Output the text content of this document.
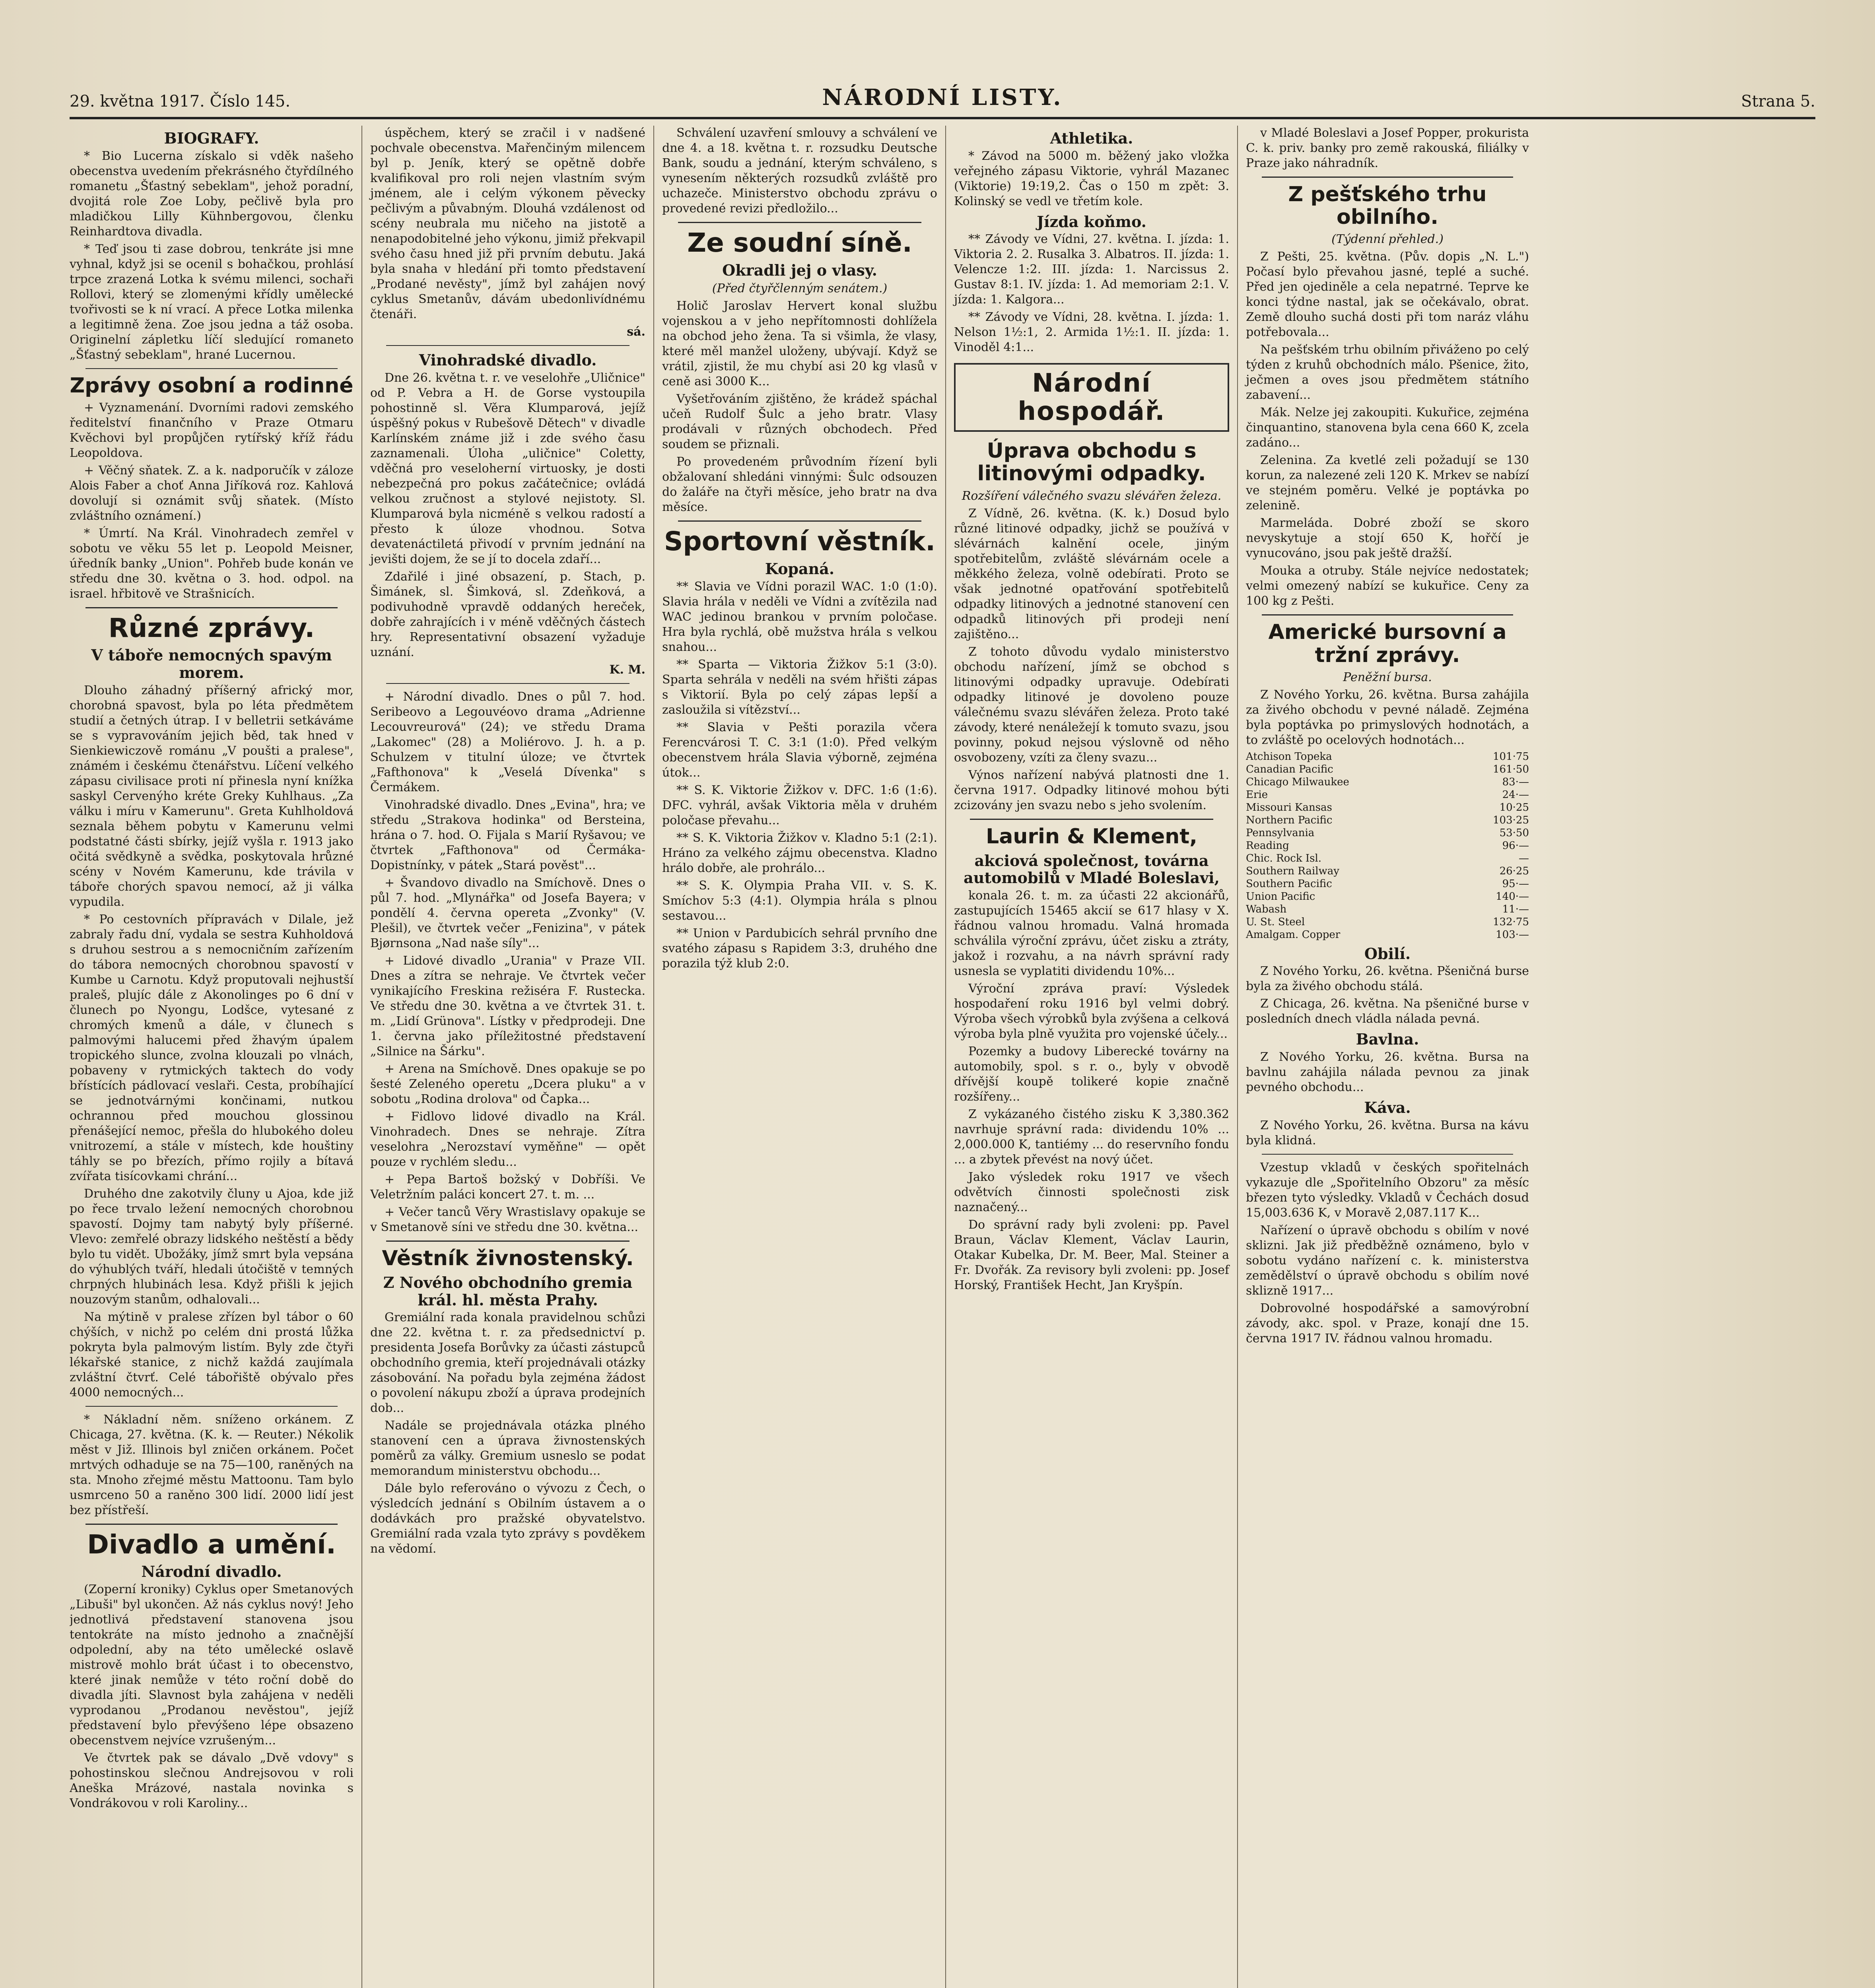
29. května 1917. Číslo 145.	NÁRODNÍ LISTY.	Strana 5.
BIOGRAFY.

* Bio Lucerna získalo si vděk našeho obecenstva uvedením překrásného čtyřdílného romanetu „Šťastný sebeklam", jehož poradní, dvojitá role Zoe Loby, pečlivě byla pro mladičkou Lilly Kühnbergovou, členku Reinhardtova divadla.

* Teď jsou ti zase dobrou, tenkráte jsi mne vyhnal, když jsi se ocenil s bohačkou, prohlásí trpce zrazená Lotka k svému milenci, sochaři Rollovi, který se zlomenými křídly umělecké tvořivosti se k ní vrací. A přece Lotka milenka a legitimně žena. Zoe jsou jedna a táž osoba. Originelní zápletku líčí sledující romaneto „Šťastný sebeklam", hrané Lucernou.

Zprávy osobní a rodinné

+ Vyznamenání. Dvorními radovi zemského ředitelství finančního v Praze Otmaru Kvěchovi byl propůjčen rytířský kříž řádu Leopoldova.

+ Věčný sňatek. Z. a k. nadporučík v záloze Alois Faber a choť Anna Jiříková roz. Kahlová dovolují si oznámit svůj sňatek. (Místo zvláštního oznámení.)

* Úmrtí. Na Král. Vinohradech zemřel v sobotu ve věku 55 let p. Leopold Meisner, úředník banky „Union". Pohřeb bude konán ve středu dne 30. května o 3. hod. odpol. na israel. hřbitově ve Strašnicích.

Různé zprávy.
V táboře nemocných spavým morem.

Dlouho záhadný příšerný africký mor, chorobná spavost, byla po léta předmětem studií a četných útrap. I v belletrii setkáváme se s vypravováním jejich běd, tak hned v Sienkiewiczově románu „V poušti a pralese", známém i českému čtenářstvu. Líčení velkého zápasu civilisace proti ní přinesla nyní knížka saskyl Cervenýho kréte Greky Kuhlhaus. „Za válku i míru v Kamerunu". Greta Kuhlholdová seznala během pobytu v Kamerunu velmi podstatné části sbírky, jejíž vyšla r. 1913 jako očitá svědkyně a svědka, poskytovala hrůzné scény v Novém Kamerunu, kde trávila v táboře chorých spavou nemocí, až ji válka vypudila.

* Po cestovních přípravách v Dilale, jež zabraly řadu dní, vydala se sestra Kuhholdová s druhou sestrou a s nemocničním zařízením do tábora nemocných chorobnou spavostí v Kumbe u Carnotu. Když proputovali nejhustší praleš, plujíc dále z Akonolinges po 6 dní v člunech po Nyongu, Lodšce, vytesané z chromých kmenů a dále, v člunech s palmovými halucemi před žhavým úpalem tropického slunce, zvolna klouzali po vlnách, pobaveny v rytmických taktech do vody břístících pádlovací veslaři. Cesta, probíhající se jednotvárnými končinami, nutkou ochrannou před mouchou glossinou přenášející nemoc, přešla do hlubokého doleu vnitrozemí, a stále v místech, kde houštiny táhly se po březích, přímo rojily a bítavá zvířata tisícovkami chrání...

Druhého dne zakotvily čluny u Ajoa, kde již po řece trvalo ležení nemocných chorobnou spavostí. Dojmy tam nabytý byly příšerné. Vlevo: zemřelé obrazy lidského neštěstí a bědy bylo tu vidět. Ubožáky, jímž smrt byla vepsána do výhublých tváří, hledali útočiště v temných chrpných hlubinách lesa. Když přišli k jejich nouzovým stanům, odhalovali...

Na mýtině v pralese zřízen byl tábor o 60 chýších, v nichž po celém dni prostá lůžka pokryta byla palmovým listím. Byly zde čtyři lékařské stanice, z nichž každá zaujímala zvláštní čtvrť. Celé tábořiště obývalo přes 4000 nemocných...

* Nákladní něm. sníženo orkánem. Z Chicaga, 27. května. (K. k. — Reuter.) Nékolik měst v Již. Illinois byl zničen orkánem. Počet mrtvých odhaduje se na 75—100, raněných na sta. Mnoho zřejmé městu Mattoonu. Tam bylo usmrceno 50 a raněno 300 lidí. 2000 lidí jest bez přístřeší.

Divadlo a umění.
Národní divadlo.

(Zoperní kroniky) Cyklus oper Smetanových „Libuši" byl ukončen. Až nás cyklus nový! Jeho jednotlivá představení stanovena jsou tentokráte na místo jednoho a značnější odpolední, aby na této umělecké oslavě mistrově mohlo brát účast i to obecenstvo, které jinak nemůže v této roční době do divadla jíti. Slavnost byla zahájena v neděli vyprodanou „Prodanou nevěstou", jejíž představení bylo převýšeno lépe obsazeno obecenstvem nejvíce vzrušeným...

Ve čtvrtek pak se dávalo „Dvě vdovy" s pohostinskou slečnou Andrejsovou v roli Aneška Mrázové, nastala novinka s Vondrákovou v roli Karoliny...

úspěchem, který se zračil i v nadšené pochvale obecenstva. Mařenčiným milencem byl p. Jeník, který se opětně dobře kvalifikoval pro roli nejen vlastním svým jménem, ale i celým výkonem pěvecky pečlivým a půvabným. Dlouhá vzdálenost od scény neubrala mu ničeho na jistotě a nenapodobitelné jeho výkonu, jimiž překvapil svého času hned již při prvním debutu. Jaká byla snaha v hledání při tomto představení „Prodané nevěsty", jímž byl zahájen nový cyklus Smetanův, dávám ubedonlivídnému čtenáři.

sá.
Vinohradské divadlo.

Dne 26. května t. r. ve veselohře „Uličnice" od P. Vebra a H. de Gorse vystoupila pohostinně sl. Věra Klumparová, jejíž úspěšný pokus v Rubešově Dětech" v divadle Karlínském známe již i zde svého času zaznamenali. Úloha „uličnice" Coletty, vděčná pro veseloherní virtuosky, je dosti nebezpečná pro pokus začátečnice; ovládá velkou zručnost a stylové nejistoty. Sl. Klumparová byla nicméně s velkou radostí a přesto k úloze vhodnou. Sotva devatenáctiletá přivodí v prvním jednání na jevišti dojem, že se jí to docela zdaří...

Zdařilé i jiné obsazení, p. Stach, p. Šimánek, sl. Šimková, sl. Zdeňková, a podivuhodně vpravdě oddaných hereček, dobře zahrajících i v méně vděčných částech hry. Representativní obsazení vyžaduje uznání.

K. M.

+ Národní divadlo. Dnes o půl 7. hod. Seribeovo a Legouvéovo drama „Adrienne Lecouvreurová" (24); ve středu Drama „Lakomec" (28) a Moliérovo. J. h. a p. Schulzem v titulní úloze; ve čtvrtek „Fafthonova" k „Veselá Dívenka" s Čermákem.

Vinohradské divadlo. Dnes „Evina", hra; ve středu „Strakova hodinka" od Bersteina, hrána o 7. hod. O. Fijala s Marií Ryšavou; ve čtvrtek „Fafthonova" od Čermáka-Dopistnínky, v pátek „Stará pověst"...

+ Švandovo divadlo na Smíchově. Dnes o půl 7. hod. „Mlynářka" od Josefa Bayera; v pondělí 4. června opereta „Zvonky" (V. Plešil), ve čtvrtek večer „Fenizina", v pátek Bjørnsona „Nad naše síly"...

+ Lidové divadlo „Urania" v Praze VII. Dnes a zítra se nehraje. Ve čtvrtek večer vynikajícího Freskina režiséra F. Rustecka. Ve středu dne 30. května a ve čtvrtek 31. t. m. „Lidí Grünova". Lístky v předprodeji. Dne 1. června jako příležitostné představení „Silnice na Šárku".

+ Arena na Smíchově. Dnes opakuje se po šesté Zeleného operetu „Dcera pluku" a v sobotu „Rodina drolova" od Čapka...

+ Fidlovo lidové divadlo na Král. Vinohradech. Dnes se nehraje. Zítra veselohra „Nerozstaví vyměňne" — opět pouze v rychlém sledu...

+ Pepa Bartoš božský v Dobříši. Ve Veletržním paláci koncert 27. t. m. ...

+ Večer tanců Věry Wrastislavy opakuje se v Smetanově síni ve středu dne 30. května...

Věstník živnostenský.
Z Nového obchodního gremia král. hl. města Prahy.

Gremiální rada konala pravidelnou schůzi dne 22. května t. r. za předsednictví p. presidenta Josefa Borůvky za účasti zástupců obchodního gremia, kteří projednávali otázky zásobování. Na pořadu byla zejména žádost o povolení nákupu zboží a úprava prodejních dob...

Nadále se projednávala otázka plného stanovení cen a úprava živnostenských poměrů za války. Gremium usneslo se podat memorandum ministerstvu obchodu...

Dále bylo referováno o vývozu z Čech, o výsledcích jednání s Obilním ústavem a o dodávkách pro pražské obyvatelstvo. Gremiální rada vzala tyto zprávy s povděkem na vědomí.

Schválení uzavření smlouvy a schválení ve dne 4. a 18. května t. r. rozsudku Deutsche Bank, soudu a jednání, kterým schváleno, s vynesením některých rozsudků zvláště pro uchazeče. Ministerstvo obchodu zprávu o provedené revizi předložilo...

Ze soudní síně.
Okradli jej o vlasy.
(Před čtyřčlenným senátem.)

Holič Jaroslav Hervert konal službu vojenskou a v jeho nepřítomnosti dohlížela na obchod jeho žena. Ta si všimla, že vlasy, které měl manžel uloženy, ubývají. Když se vrátil, zjistil, že mu chybí asi 20 kg vlasů v ceně asi 3000 K...

Vyšetřováním zjištěno, že krádež spáchal učeň Rudolf Šulc a jeho bratr. Vlasy prodávali v různých obchodech. Před soudem se přiznali.

Po provedeném průvodním řízení byli obžalovaní shledáni vinnými: Šulc odsouzen do žaláře na čtyři měsíce, jeho bratr na dva měsíce.

Sportovní věstník.
Kopaná.

** Slavia ve Vídni porazil WAC. 1:0 (1:0). Slavia hrála v neděli ve Vídni a zvítězila nad WAC jedinou brankou v prvním poločase. Hra byla rychlá, obě mužstva hrála s velkou snahou...

** Sparta — Viktoria Žižkov 5:1 (3:0). Sparta sehrála v neděli na svém hřišti zápas s Viktorií. Byla po celý zápas lepší a zasloužila si vítězství...

** Slavia v Pešti porazila včera Ferencvárosi T. C. 3:1 (1:0). Před velkým obecenstvem hrála Slavia výborně, zejména útok...

** S. K. Viktorie Žižkov v. DFC. 1:6 (1:6). DFC. vyhrál, avšak Viktoria měla v druhém poločase převahu...

** S. K. Viktoria Žižkov v. Kladno 5:1 (2:1). Hráno za velkého zájmu obecenstva. Kladno hrálo dobře, ale prohrálo...

** S. K. Olympia Praha VII. v. S. K. Smíchov 5:3 (4:1). Olympia hrála s plnou sestavou...

** Union v Pardubicích sehrál prvního dne svatého zápasu s Rapidem 3:3, druhého dne porazila týž klub 2:0.

Athletika.

* Závod na 5000 m. běžený jako vložka veřejného zápasu Viktorie, vyhrál Mazanec (Viktorie) 19:19,2. Čas o 150 m zpět: 3. Kolinský se vedl ve třetím kole.

Jízda koňmo.

** Závody ve Vídni, 27. května. I. jízda: 1. Viktoria 2. 2. Rusalka 3. Albatros. II. jízda: 1. Velencze 1:2. III. jízda: 1. Narcissus 2. Gustav 8:1. IV. jízda: 1. Ad memoriam 2:1. V. jízda: 1. Kalgora...

** Závody ve Vídni, 28. května. I. jízda: 1. Nelson 1½:1, 2. Armida 1½:1. II. jízda: 1. Vinoděl 4:1...

Národní hospodář.
Úprava obchodu s litinovými odpadky.
Rozšíření válečného svazu slévářen železa.

Z Vídně, 26. května. (K. k.) Dosud bylo různé litinové odpadky, jichž se používá v slévárnách kalnění ocele, jiným spotřebitelům, zvláště slévárnám ocele a měkkého železa, volně odebírati. Proto se však jednotné opatřování spotřebitelů odpadky litinových a jednotné stanovení cen odpadků litinových při prodeji není zajištěno...

Z tohoto důvodu vydalo ministerstvo obchodu nařízení, jímž se obchod s litinovými odpadky upravuje. Odebírati odpadky litinové je dovoleno pouze válečnému svazu slévářen železa. Proto také závody, které nenáležejí k tomuto svazu, jsou povinny, pokud nejsou výslovně od něho osvobozeny, vzíti za členy svazu...

Výnos nařízení nabývá platnosti dne 1. června 1917. Odpadky litinové mohou býti zcizovány jen svazu nebo s jeho svolením.

Laurin & Klement,
akciová společnost, továrna automobilů v Mladé Boleslavi,

konala 26. t. m. za účasti 22 akcionářů, zastupujících 15465 akcií se 617 hlasy v X. řádnou valnou hromadu. Valná hromada schválila výroční zprávu, účet zisku a ztráty, jakož i rozvahu, a na návrh správní rady usnesla se vyplatiti dividendu 10%...

Výroční zpráva praví: Výsledek hospodaření roku 1916 byl velmi dobrý. Výroba všech výrobků byla zvýšena a celková výroba byla plně využita pro vojenské účely...

Pozemky a budovy Liberecké továrny na automobily, spol. s r. o., byly v obvodě dřívější koupě tolikeré kopie značně rozšířeny...

Z vykázaného čistého zisku K 3,380.362 navrhuje správní rada: dividendu 10% ... 2,000.000 K, tantiémy ... do reservního fondu ... a zbytek převést na nový účet.

Jako výsledek roku 1917 ve všech odvětvích činnosti společnosti zisk naznačený...

Do správní rady byli zvoleni: pp. Pavel Braun, Václav Klement, Václav Laurin, Otakar Kubelka, Dr. M. Beer, Mal. Steiner a Fr. Dvořák. Za revisory byli zvoleni: pp. Josef Horský, František Hecht, Jan Kryšpín.

v Mladé Boleslavi a Josef Popper, prokurista C. k. priv. banky pro země rakouská, filiálky v Praze jako náhradník.

Z pešťského trhu obilního.
(Týdenní přehled.)

Z Pešti, 25. května. (Pův. dopis „N. L.") Počasí bylo převahou jasné, teplé a suché. Před jen ojediněle a cela nepatrné. Teprve ke konci týdne nastal, jak se očekávalo, obrat. Země dlouho suchá dosti při tom naráz vláhu potřebovala...

Na pešťském trhu obilním přiváženo po celý týden z kruhů obchodních málo. Pšenice, žito, ječmen a oves jsou předmětem státního zabavení...

Mák. Nelze jej zakoupiti. Kukuřice, zejména činquantino, stanovena byla cena 660 K, zcela zadáno...

Zelenina. Za kvetlé zeli požadují se 130 korun, za nalezené zeli 120 K. Mrkev se nabízí ve stejném poměru. Velké je poptávka po zelenině.

Marmeláda. Dobré zboží se skoro nevyskytuje a stojí 650 K, hořčí je vynucováno, jsou pak ještě dražší.

Mouka a otruby. Stále nejvíce nedostatek; velmi omezený nabízí se kukuřice. Ceny za 100 kg z Pešti.

Americké bursovní a tržní zprávy.
Peněžní bursa.

Z Nového Yorku, 26. května. Bursa zahájila za živého obchodu v pevné náladě. Zejména byla poptávka po primyslových hodnotách, a to zvláště po ocelových hodnotách...

Atchison Topeka	101·75
Canadian Pacific	161·50
Chicago Milwaukee	83·—
Erie	24·—
Missouri Kansas	10·25
Northern Pacific	103·25
Pennsylvania	53·50
Reading	96·—
Chic. Rock Isl.	—
Southern Railway	26·25
Southern Pacific	95·—
Union Pacific	140·—
Wabash	11·—
U. St. Steel	132·75
Amalgam. Copper	103·—
Obilí.

Z Nového Yorku, 26. května. Pšeničná burse byla za živého obchodu stálá.

Z Chicaga, 26. května. Na pšeničné burse v posledních dnech vládla nálada pevná.

Bavlna.

Z Nového Yorku, 26. května. Bursa na bavlnu zahájila nálada pevnou za jinak pevného obchodu...

Káva.

Z Nového Yorku, 26. května. Bursa na kávu byla klidná.

Vzestup vkladů v českých spořitelnách vykazuje dle „Spořitelního Obzoru" za měsíc březen tyto výsledky. Vkladů v Čechách dosud 15,003.636 K, v Moravě 2,087.117 K...

Nařízení o úpravě obchodu s obilím v nové sklizni. Jak již předběžně oznámeno, bylo v sobotu vydáno nařízení c. k. ministerstva zemědělství o úpravě obchodu s obilím nové sklizně 1917...

Dobrovolné hospodářské a samovýrobní závody, akc. spol. v Praze, konají dne 15. června 1917 IV. řádnou valnou hromadu.
